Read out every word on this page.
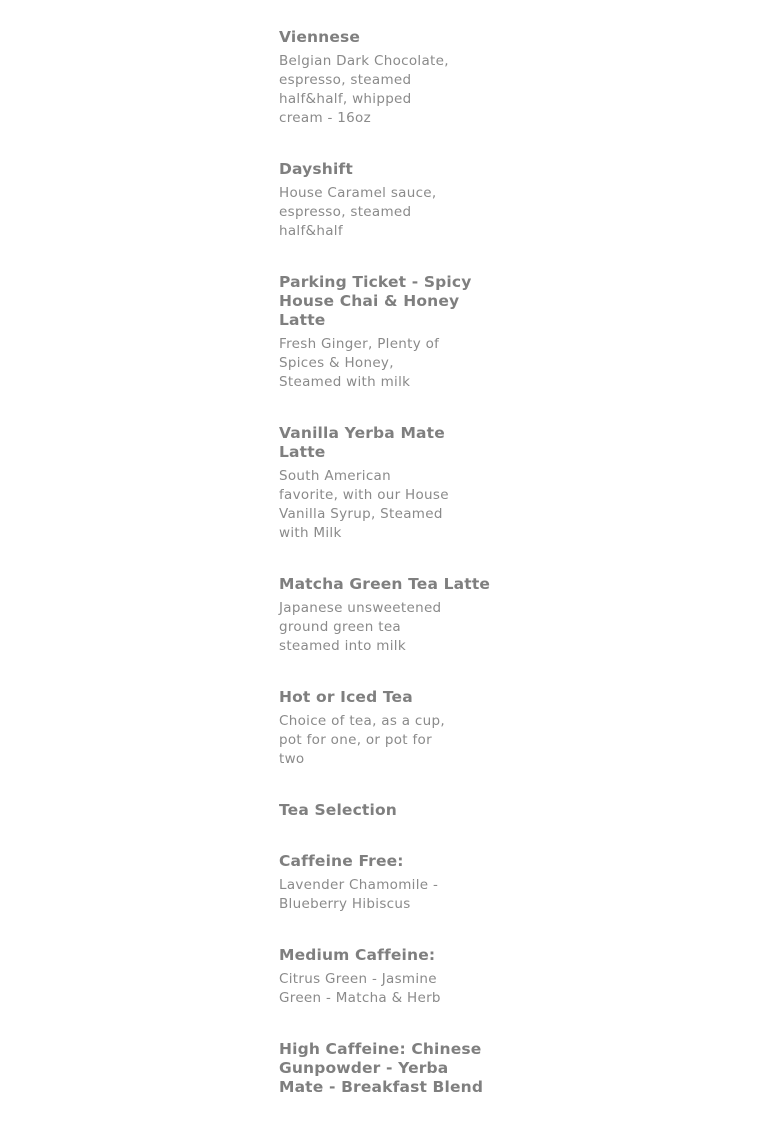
Viennese
Belgian Dark Chocolate, espresso, steamed half&half, whipped cream - 16oz
Dayshift
House Caramel sauce, espresso, steamed half&half
Parking Ticket - Spicy House Chai & Honey Latte
Fresh Ginger, Plenty of Spices & Honey, Steamed with milk
Vanilla Yerba Mate Latte
South American favorite, with our House Vanilla Syrup, Steamed with Milk
Matcha Green Tea Latte
Japanese unsweetened ground green tea steamed into milk
Hot or Iced Tea
Choice of tea, as a cup, pot for one, or pot for two
Tea Selection
Caffeine Free:
Lavender Chamomile - Blueberry Hibiscus
Medium Caffeine:
Citrus Green - Jasmine Green - Matcha & Herb
High Caffeine: Chinese Gunpowder - Yerba Mate - Breakfast Blend
